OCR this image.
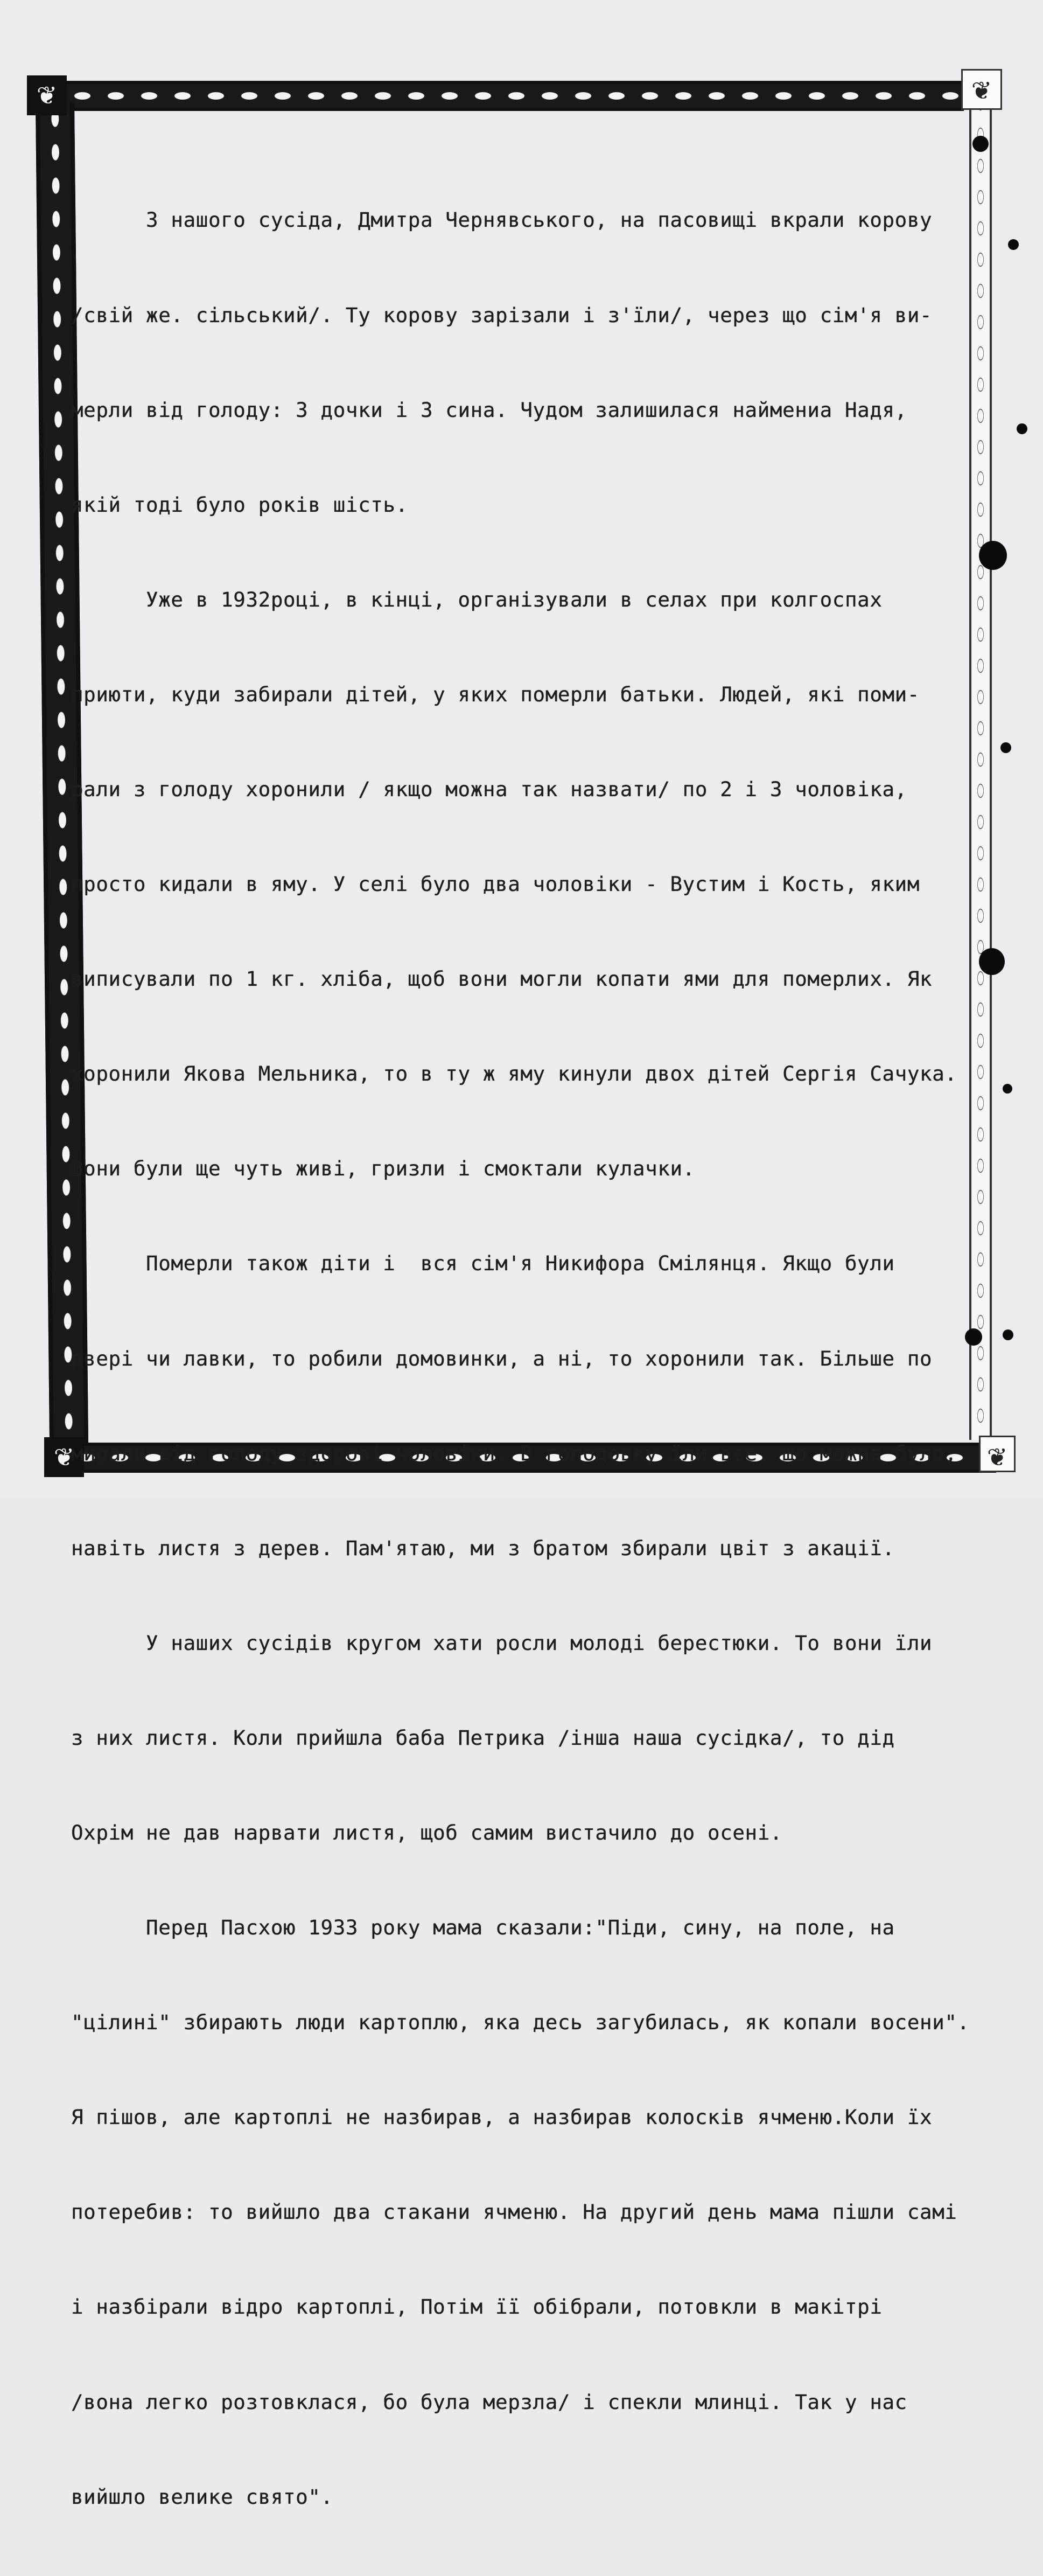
❦	❦
❦	❦

З нашого сусіда, Дмитра Чернявського, на пасовищі вкрали корову

/свій же. сільський/. Ту корову зарізали і з'їли/, через що сім'я ви-

мерли від голоду: 3 дочки і 3 сина. Чудом залишилася наймениа Надя,

якій тоді було років шість.

Уже в 1932році, в кінці, організували в селах при колгоспах

приюти, куди забирали дітей, у яких померли батьки. Людей, які поми-

рали з голоду хоронили / якщо можна так назвати/ по 2 і 3 чоловіка,

просто кидали в яму. У селі було два чоловіки - Вустим і Кость, яким

виписували по 1 кг. хліба, щоб вони могли копати ями для померлих. Як

хоронили Якова Мельника, то в ту ж яму кинули двох дітей Сергія Сачука.

Вони були ще чуть живі, гризли і смоктали кулачки.

Померли також діти і  вся сім'я Никифора Смілянця. Якщо були

двері чи лавки, то робили домовинки, а ні, то хоронили так. Більше по

мирали від голоду здорові чоловіки. В голодовку їли все, що можна було,

навіть листя з дерев. Пам'ятаю, ми з братом збирали цвіт з акації.

У наших сусідів кругом хати росли молоді берестюки. То вони їли

з них листя. Коли прийшла баба Петрика /інша наша сусідка/, то дід

Охрім не дав нарвати листя, щоб самим вистачило до осені.

Перед Пасхою 1933 року мама сказали:"Піди, сину, на поле, на

"цілині" збирають люди картоплю, яка десь загубилась, як копали восени".

Я пішов, але картоплі не назбирав, а назбирав колосків ячменю.Коли їх

потеребив: то вийшло два стакани ячменю. На другий день мама пішли самі

і назбірали відро картоплі, Потім її обібрали, потовкли в макітрі

/вона легко розтовклася, бо була мерзла/ і спекли млинці. Так у нас

вийшло велике свято".
